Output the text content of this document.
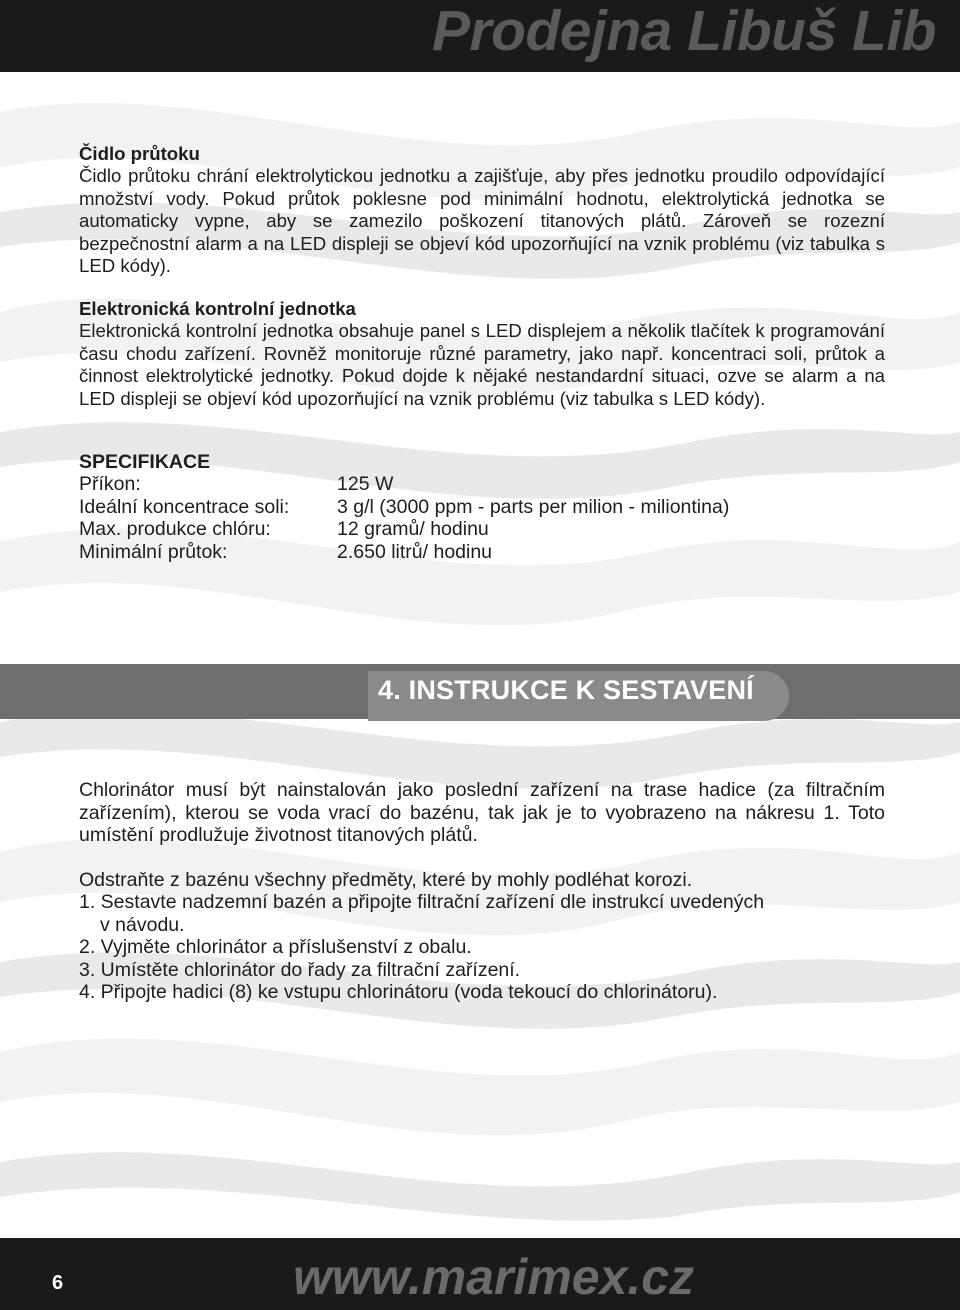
Prodejna Libuš Lib
Čidlo průtoku
Čidlo průtoku chrání elektrolytickou jednotku a zajišťuje, aby přes jednotku proudilo odpovídající množství vody. Pokud průtok poklesne pod minimální hodnotu, elektrolytická jednotka se automaticky vypne, aby se zamezilo poškození titanových plátů. Zároveň se rozezní bezpečnostní alarm a na LED displeji se objeví kód upozorňující na vznik problému (viz tabulka s LED kódy).
Elektronická kontrolní jednotka
Elektronická kontrolní jednotka obsahuje panel s LED displejem a několik tlačítek k programování času chodu zařízení. Rovněž monitoruje různé parametry, jako např. koncentraci soli, průtok a činnost elektrolytické jednotky. Pokud dojde k nějaké nestandardní situaci, ozve se alarm a na LED displeji se objeví kód upozorňující na vznik problému (viz tabulka s LED kódy).
SPECIFIKACE
Příkon:	125 W
Ideální koncentrace soli:	3 g/l (3000 ppm - parts per milion - miliontina)
Max. produkce chlóru:	12 gramů/ hodinu
Minimální průtok:	2.650 litrů/ hodinu
4. INSTRUKCE K SESTAVENÍ
Chlorinátor musí být nainstalován jako poslední zařízení na trase hadice (za filtračním zařízením), kterou se voda vrací do bazénu, tak jak je to vyobrazeno na nákresu 1. Toto umístění prodlužuje životnost titanových plátů.
Odstraňte z bazénu všechny předměty, které by mohly podléhat korozi.
1. Sestavte nadzemní bazén a připojte filtrační zařízení dle instrukcí uvedených
v návodu.
2. Vyjměte chlorinátor a příslušenství z obalu.
3. Umístěte chlorinátor do řady za filtrační zařízení.
4. Připojte hadici (8) ke vstupu chlorinátoru (voda tekoucí do chlorinátoru).
6	www.marimex.cz
